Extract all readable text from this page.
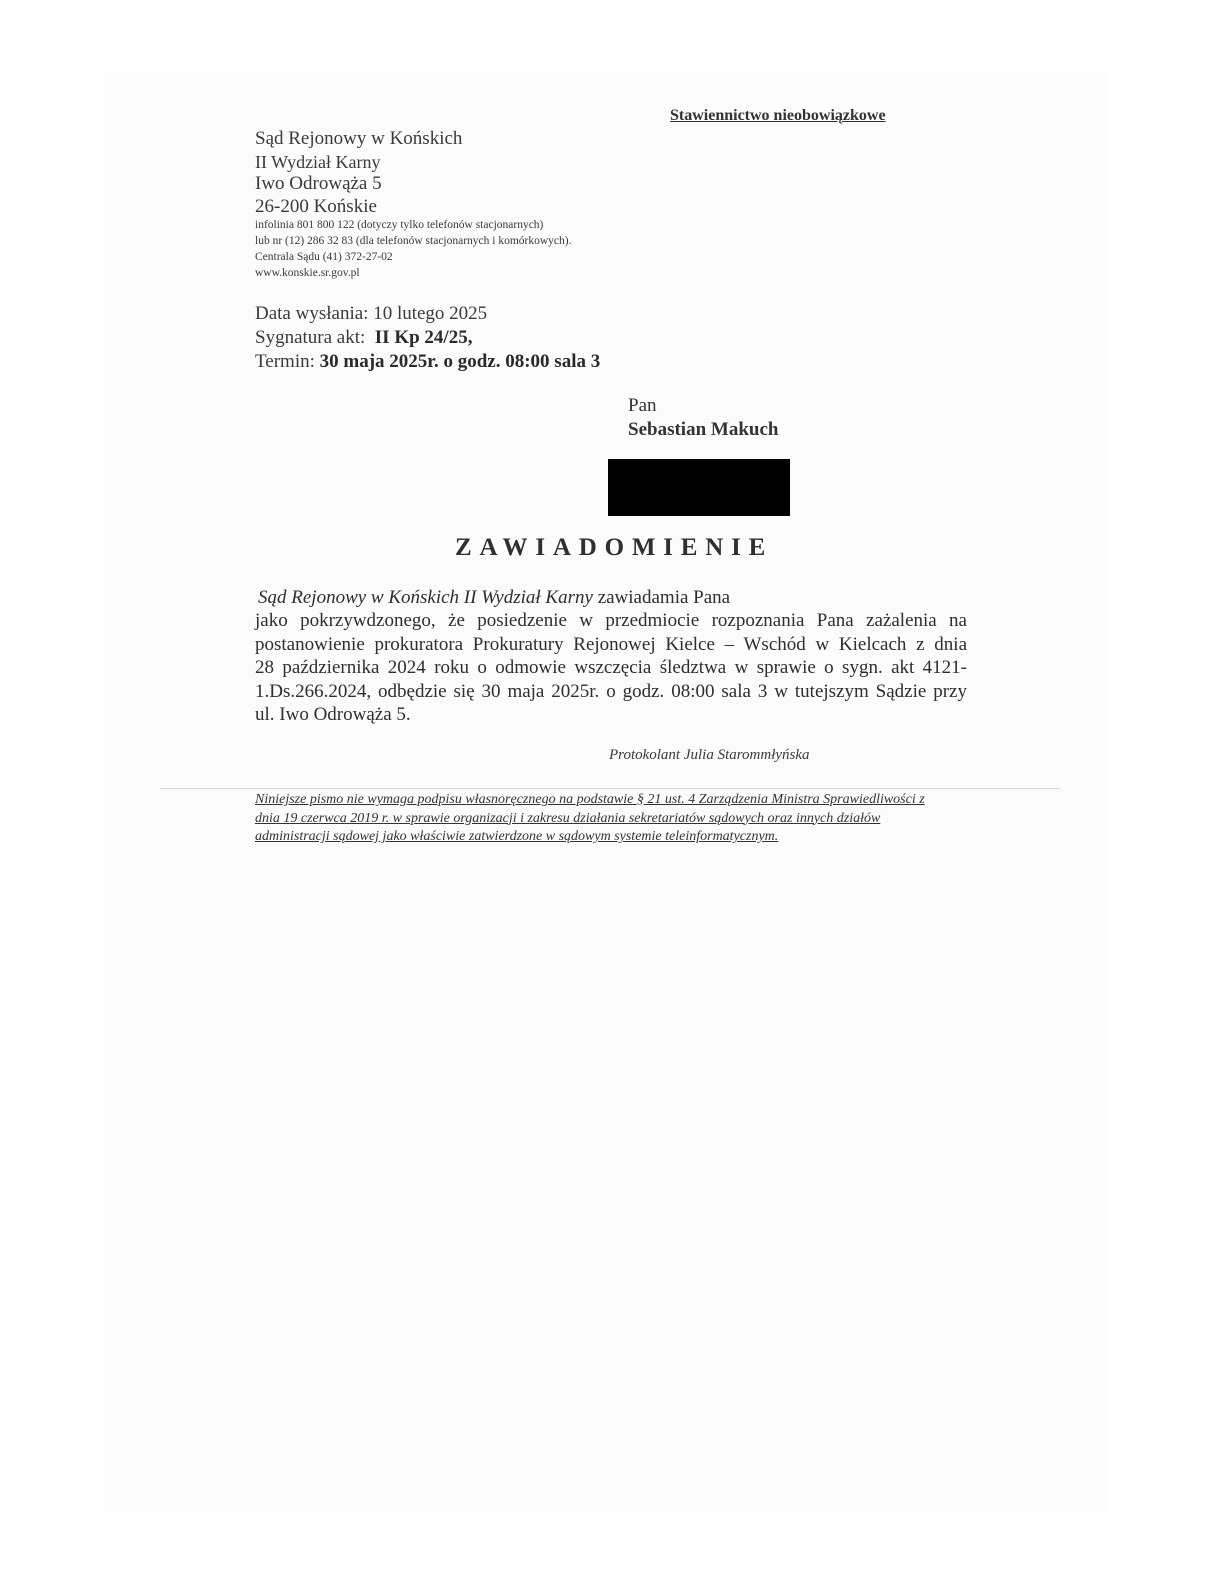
Stawiennictwo nieobowiązkowe
Sąd Rejonowy w Końskich
II Wydział Karny
Iwo Odrowąża 5
26-200 Końskie
infolinia 801 800 122 (dotyczy tylko telefonów stacjonarnych)
lub nr (12) 286 32 83 (dla telefonów stacjonarnych i komórkowych).
Centrala Sądu (41) 372-27-02
www.konskie.sr.gov.pl
Data wysłania: 10 lutego 2025
Sygnatura akt: II Kp 24/25,
Termin: 30 maja 2025r. o godz. 08:00 sala 3
Pan
Sebastian Makuch
ZAWIADOMIENIE
Sąd Rejonowy w Końskich II Wydział Karny zawiadamia Pana
jako pokrzywdzonego, że posiedzenie w przedmiocie rozpoznania Pana zażalenia na
postanowienie prokuratora Prokuratury Rejonowej Kielce – Wschód w Kielcach z dnia
28 października 2024 roku o odmowie wszczęcia śledztwa w sprawie o sygn. akt 4121-
1.Ds.266.2024, odbędzie się 30 maja 2025r. o godz. 08:00 sala 3 w tutejszym Sądzie przy
ul. Iwo Odrowąża 5.
Protokolant Julia Starommłyńska
Niniejsze pismo nie wymaga podpisu własnoręcznego na podstawie § 21 ust. 4 Zarządzenia Ministra Sprawiedliwości z
dnia 19 czerwca 2019 r. w sprawie organizacji i zakresu działania sekretariatów sądowych oraz innych działów
administracji sądowej jako właściwie zatwierdzone w sądowym systemie teleinformatycznym.
